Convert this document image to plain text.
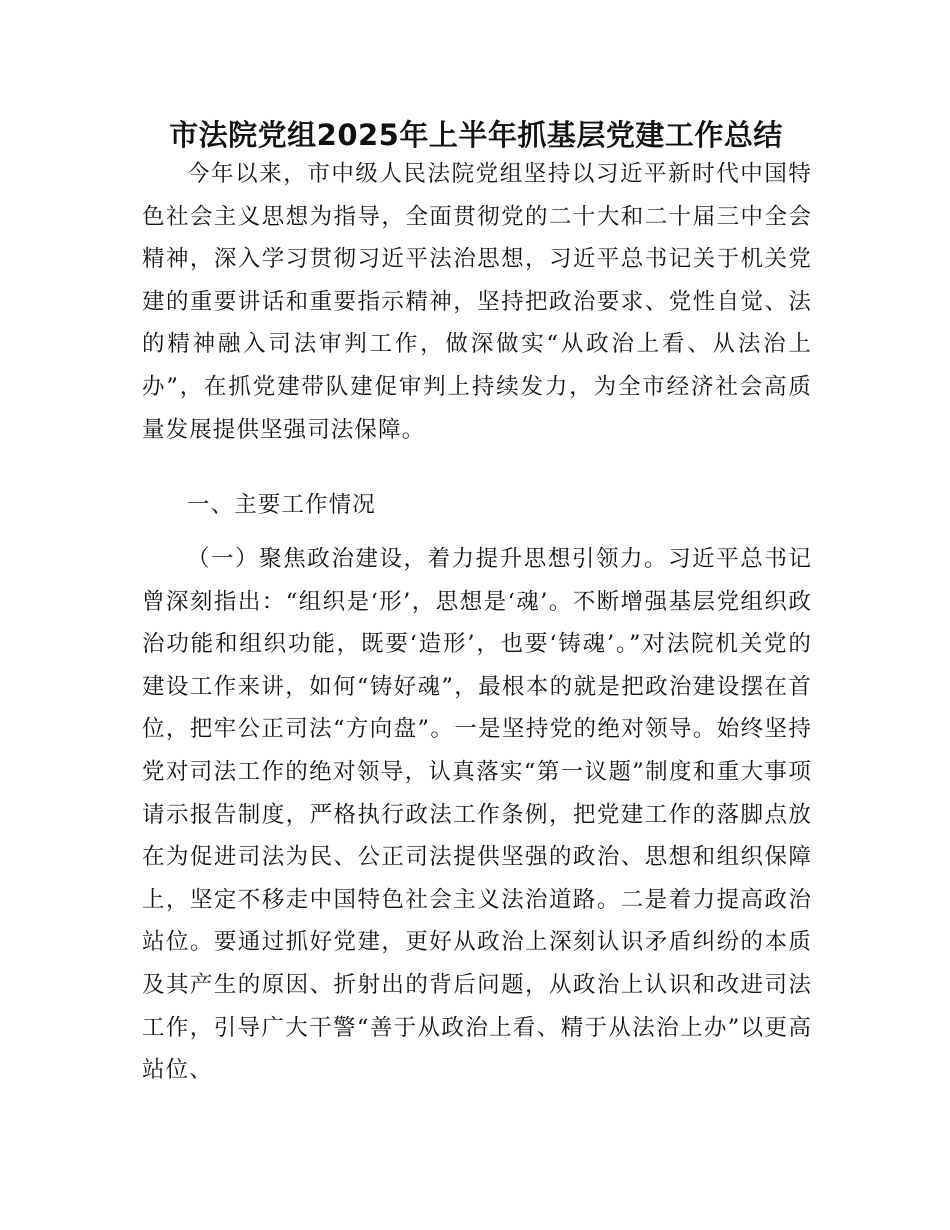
市法院党组2025年上半年抓基层党建工作总结

今年以来，市中级人民法院党组坚持以习近平新时代中国特色社会主义思想为指导，全面贯彻党的二十大和二十届三中全会精神，深入学习贯彻习近平法治思想，习近平总书记关于机关党建的重要讲话和重要指示精神，坚持把政治要求、党性自觉、法的精神融入司法审判工作，做深做实“从政治上看、从法治上办”，在抓党建带队建促审判上持续发力，为全市经济社会高质量发展提供坚强司法保障。

一、主要工作情况

（一）聚焦政治建设，着力提升思想引领力。习近平总书记曾深刻指出：“组织是‘形’，思想是‘魂’。不断增强基层党组织政治功能和组织功能，既要‘造形’，也要‘铸魂’。”对法院机关党的建设工作来讲，如何“铸好魂”，最根本的就是把政治建设摆在首位，把牢公正司法“方向盘”。一是坚持党的绝对领导。始终坚持党对司法工作的绝对领导，认真落实“第一议题”制度和重大事项请示报告制度，严格执行政法工作条例，把党建工作的落脚点放在为促进司法为民、公正司法提供坚强的政治、思想和组织保障上，坚定不移走中国特色社会主义法治道路。二是着力提高政治站位。要通过抓好党建，更好从政治上深刻认识矛盾纠纷的本质及其产生的原因、折射出的背后问题，从政治上认识和改进司法工作，引导广大干警“善于从政治上看、精于从法治上办”以更高站位、
